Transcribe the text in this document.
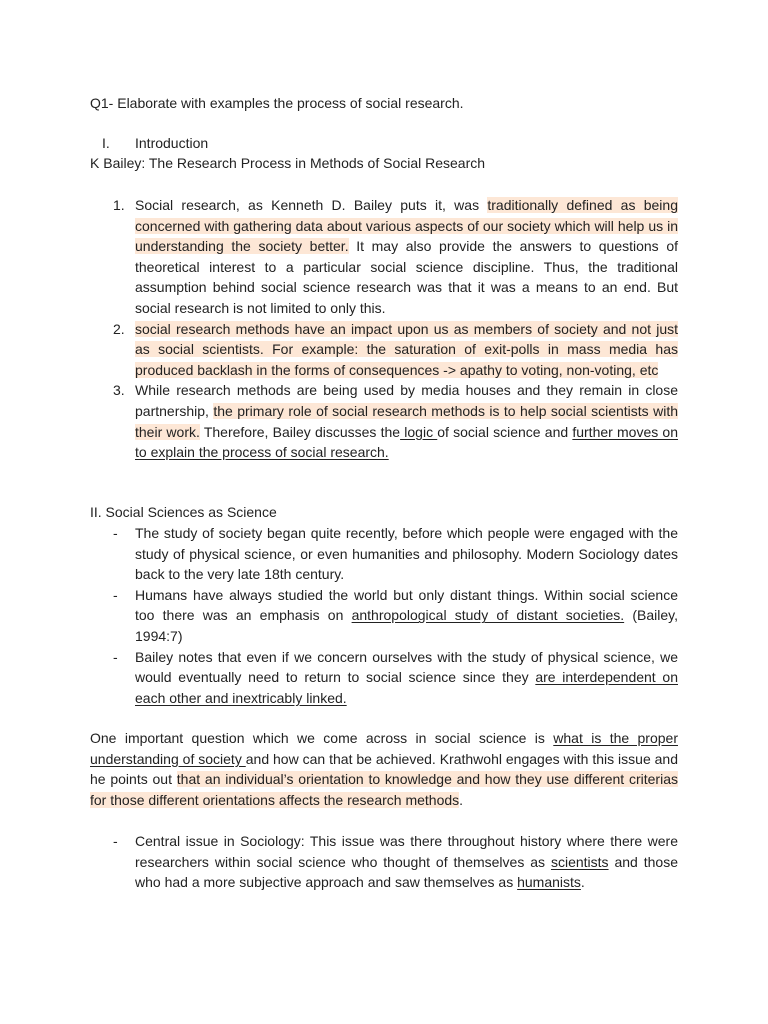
Q1- Elaborate with examples the process of social research.

I. Introduction

K Bailey: The Research Process in Methods of Social Research

1. Social research, as Kenneth D. Bailey puts it, was traditionally defined as being concerned with gathering data about various aspects of our society which will help us in understanding the society better. It may also provide the answers to questions of theoretical interest to a particular social science discipline. Thus, the traditional assumption behind social science research was that it was a means to an end. But social research is not limited to only this.
2. social research methods have an impact upon us as members of society and not just as social scientists. For example: the saturation of exit-polls in mass media has produced backlash in the forms of consequences -> apathy to voting, non-voting, etc
3. While research methods are being used by media houses and they remain in close partnership, the primary role of social research methods is to help social scientists with their work. Therefore, Bailey discusses the logic of social science and further moves on to explain the process of social research.
II. Social Sciences as Science
- The study of society began quite recently, before which people were engaged with the study of physical science, or even humanities and philosophy. Modern Sociology dates back to the very late 18th century.
- Humans have always studied the world but only distant things. Within social science too there was an emphasis on anthropological study of distant societies. (Bailey, 1994:7)
- Bailey notes that even if we concern ourselves with the study of physical science, we would eventually need to return to social science since they are interdependent on each other and inextricably linked.

One important question which we come across in social science is what is the proper understanding of society and how can that be achieved. Krathwohl engages with this issue and he points out that an individual’s orientation to knowledge and how they use different criterias for those different orientations affects the research methods.

- Central issue in Sociology: This issue was there throughout history where there were researchers within social science who thought of themselves as scientists and those who had a more subjective approach and saw themselves as humanists.
